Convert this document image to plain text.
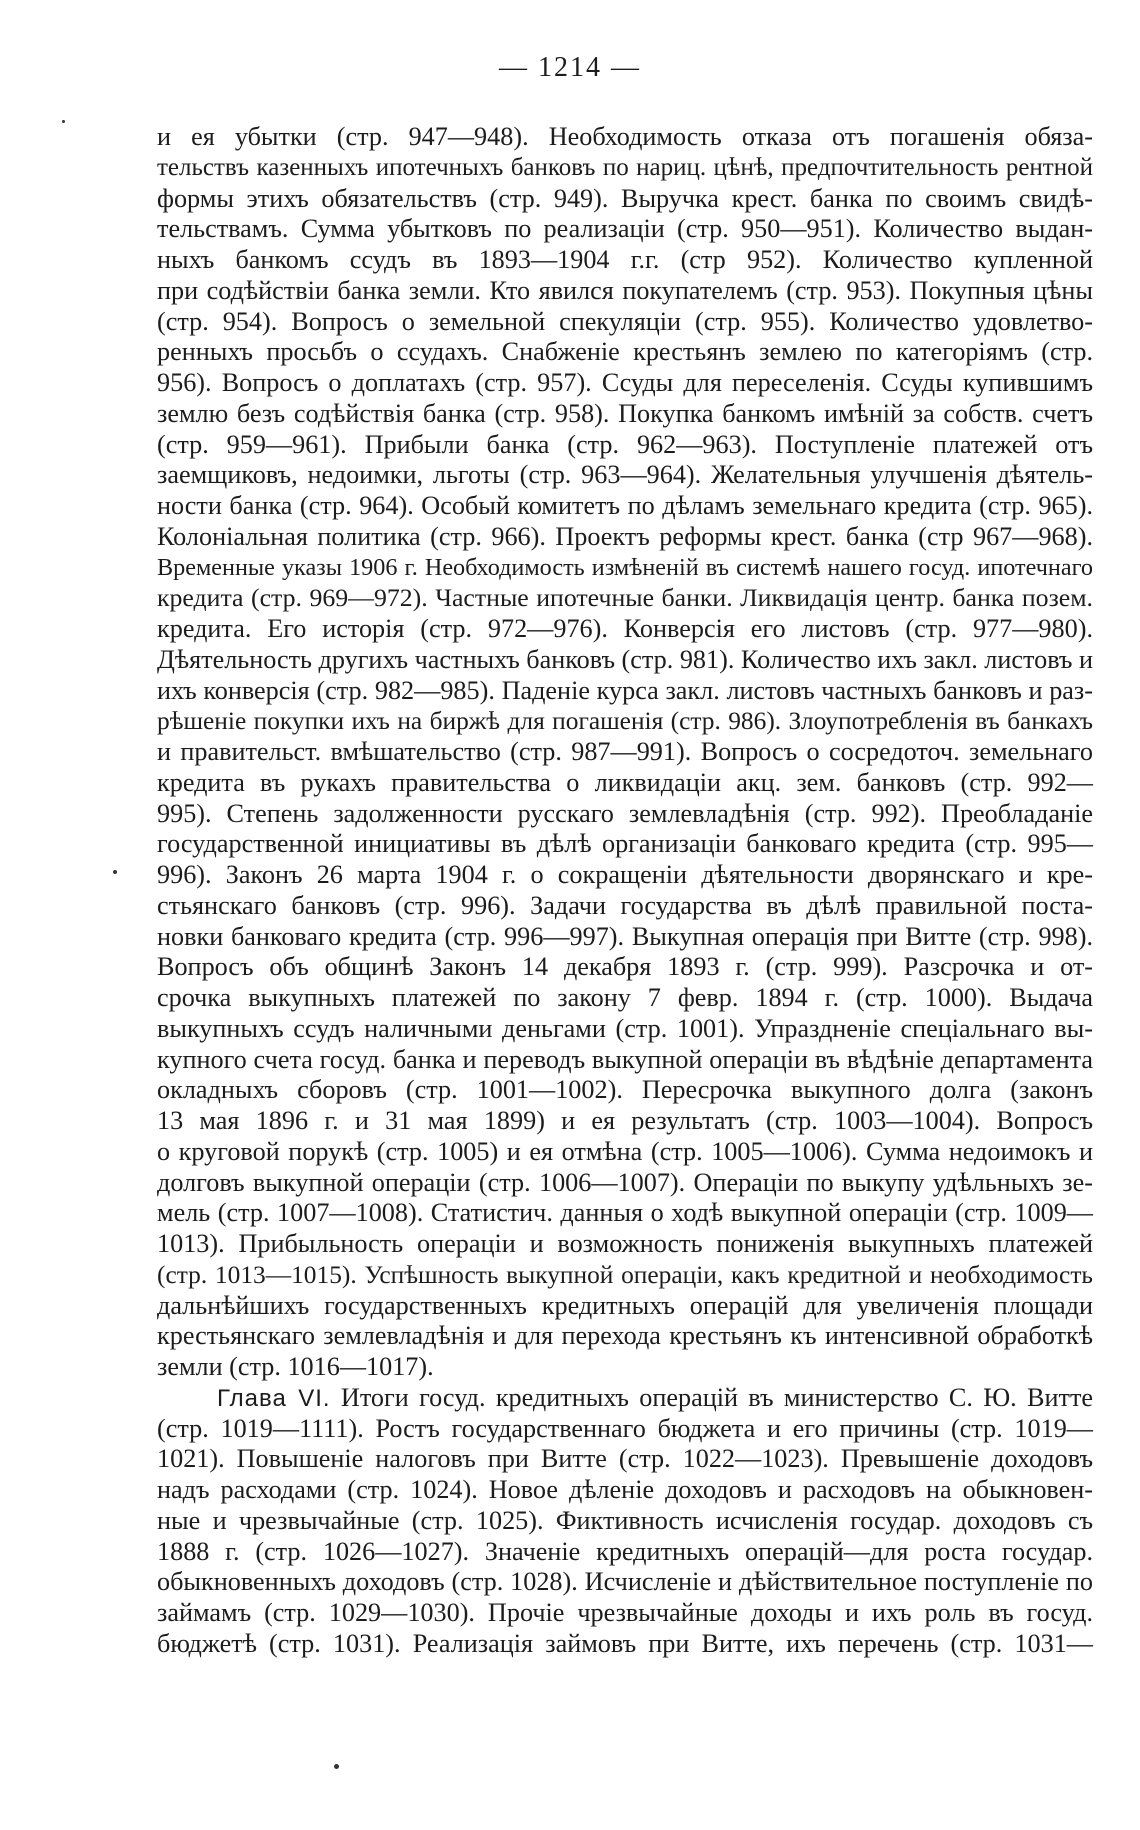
— 1214 —
и ея убытки (стр. 947—948). Необходимость отказа отъ погашенія обяза-
тельствъ казенныхъ ипотечныхъ банковъ по нариц. цѣнѣ, предпочтительность рентной
формы этихъ обязательствъ (стр. 949). Выручка крест. банка по своимъ свидѣ-
тельствамъ. Сумма убытковъ по реализаціи (стр. 950—951). Количество выдан-
ныхъ банкомъ ссудъ въ 1893—1904 г.г. (стр 952). Количество купленной
при содѣйствіи банка земли. Кто явился покупателемъ (стр. 953). Покупныя цѣны
(стр. 954). Вопросъ о земельной спекуляціи (стр. 955). Количество удовлетво-
ренныхъ просьбъ о ссудахъ. Снабженіе крестьянъ землею по категоріямъ (стр.
956). Вопросъ о доплатахъ (стр. 957). Ссуды для переселенія. Ссуды купившимъ
землю безъ содѣйствія банка (стр. 958). Покупка банкомъ имѣній за собств. счетъ
(стр. 959—961). Прибыли банка (стр. 962—963). Поступленіе платежей отъ
заемщиковъ, недоимки, льготы (стр. 963—964). Желательныя улучшенія дѣятель-
ности банка (стр. 964). Особый комитетъ по дѣламъ земельнаго кредита (стр. 965).
Колоніальная политика (стр. 966). Проектъ реформы крест. банка (стр 967—968).
Временные указы 1906 г. Необходимость измѣненій въ системѣ нашего госуд. ипотечнаго
кредита (стр. 969—972). Частные ипотечные банки. Ликвидація центр. банка позем.
кредита. Его исторія (стр. 972—976). Конверсія его листовъ (стр. 977—980).
Дѣятельность другихъ частныхъ банковъ (стр. 981). Количество ихъ закл. листовъ и
ихъ конверсія (стр. 982—985). Паденіе курса закл. листовъ частныхъ банковъ и раз-
рѣшеніе покупки ихъ на биржѣ для погашенія (стр. 986). Злоупотребленія въ банкахъ
и правительст. вмѣшательство (стр. 987—991). Вопросъ о сосредоточ. земельнаго
кредита въ рукахъ правительства о ликвидаціи акц. зем. банковъ (стр. 992—
995). Степень задолженности русскаго землевладѣнія (стр. 992). Преобладаніе
государственной инициативы въ дѣлѣ организаціи банковаго кредита (стр. 995—
996). Законъ 26 марта 1904 г. о сокращеніи дѣятельности дворянскаго и кре-
стьянскаго банковъ (стр. 996). Задачи государства въ дѣлѣ правильной поста-
новки банковаго кредита (стр. 996—997). Выкупная операція при Витте (стр. 998).
Вопросъ объ общинѣ Законъ 14 декабря 1893 г. (стр. 999). Разсрочка и от-
срочка выкупныхъ платежей по закону 7 февр. 1894 г. (стр. 1000). Выдача
выкупныхъ ссудъ наличными деньгами (стр. 1001). Упраздненіе спеціальнаго вы-
купного счета госуд. банка и переводъ выкупной операціи въ вѣдѣніе департамента
окладныхъ сборовъ (стр. 1001—1002). Пересрочка выкупного долга (законъ
13 мая 1896 г. и 31 мая 1899) и ея результатъ (стр. 1003—1004). Вопросъ
о круговой порукѣ (стр. 1005) и ея отмѣна (стр. 1005—1006). Сумма недоимокъ и
долговъ выкупной операціи (стр. 1006—1007). Операціи по выкупу удѣльныхъ зе-
мель (стр. 1007—1008). Статистич. данныя о ходѣ выкупной операціи (стр. 1009—
1013). Прибыльность операціи и возможность пониженія выкупныхъ платежей
(стр. 1013—1015). Успѣшность выкупной операціи, какъ кредитной и необходимость
дальнѣйшихъ государственныхъ кредитныхъ операцій для увеличенія площади
крестьянскаго землевладѣнія и для перехода крестьянъ къ интенсивной обработкѣ
земли (стр. 1016—1017).
Глава VI. Итоги госуд. кредитныхъ операцій въ министерство С. Ю. Витте
(стр. 1019—1111). Ростъ государственнаго бюджета и его причины (стр. 1019—
1021). Повышеніе налоговъ при Витте (стр. 1022—1023). Превышеніе доходовъ
надъ расходами (стр. 1024). Новое дѣленіе доходовъ и расходовъ на обыкновен-
ные и чрезвычайные (стр. 1025). Фиктивность исчисленія государ. доходовъ съ
1888 г. (стр. 1026—1027). Значеніе кредитныхъ операцій—для роста государ.
обыкновенныхъ доходовъ (стр. 1028). Исчисленіе и дѣйствительное поступленіе по
займамъ (стр. 1029—1030). Прочіе чрезвычайные доходы и ихъ роль въ госуд.
бюджетѣ (стр. 1031). Реализація займовъ при Витте, ихъ перечень (стр. 1031—
